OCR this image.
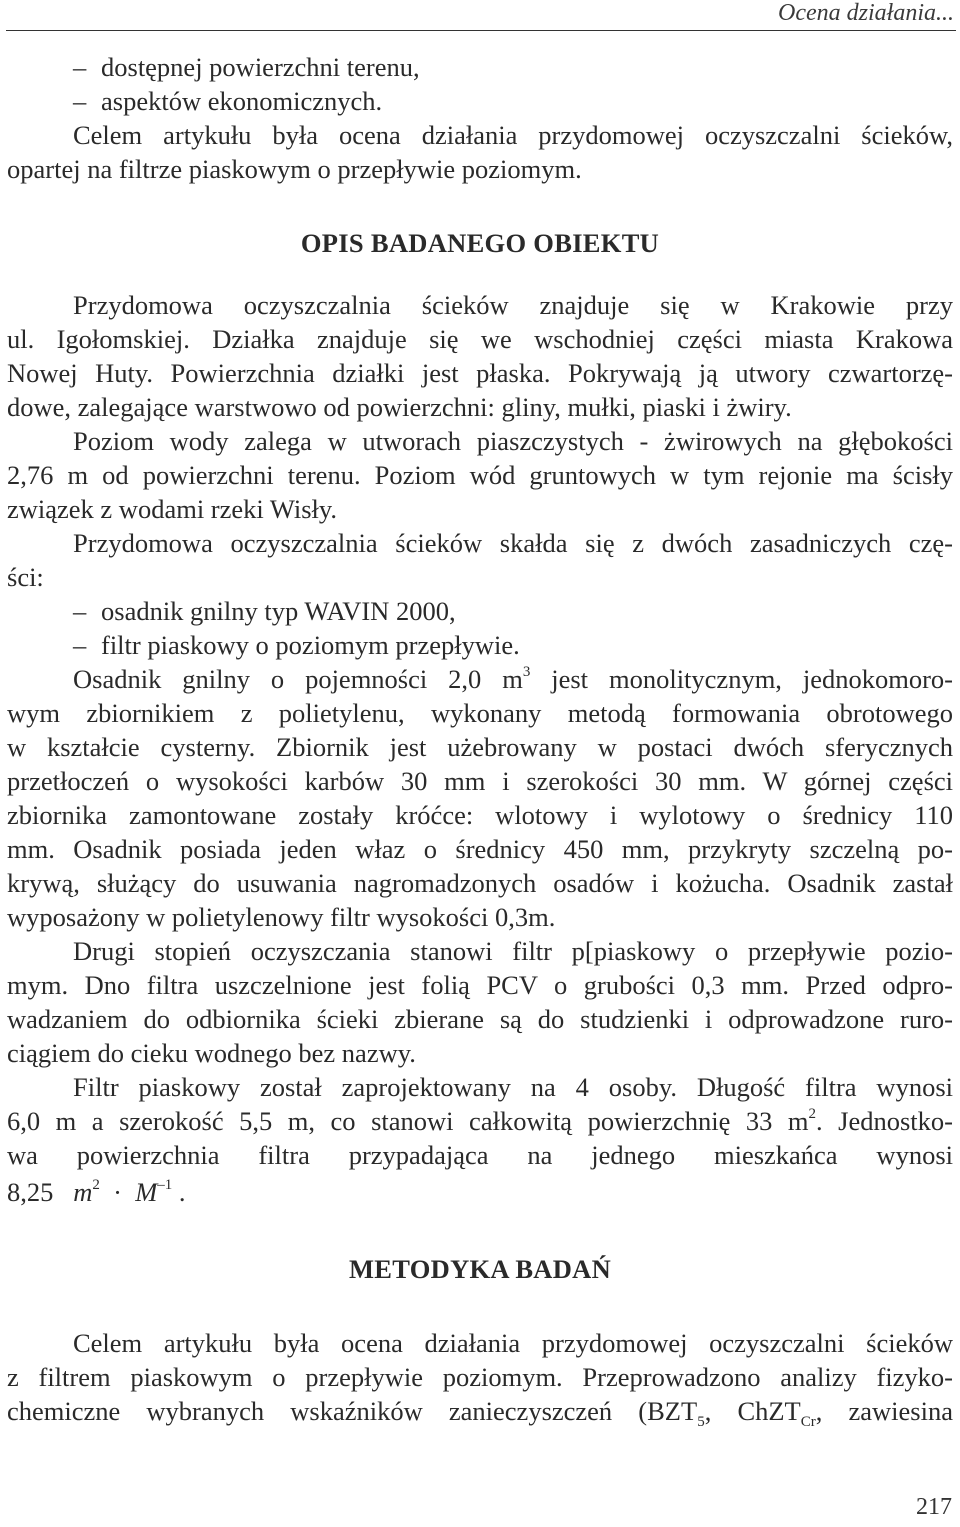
Ocena działania...
– dostępnej powierzchni terenu,
– aspektów ekonomicznych.
Celem artykułu była ocena działania przydomowej oczyszczalni ścieków,
opartej na filtrze piaskowym o przepływie poziomym.
OPIS BADANEGO OBIEKTU
Przydomowa oczyszczalnia ścieków znajduje się w Krakowie przy
ul. Igołomskiej. Działka znajduje się we wschodniej części miasta Krakowa
Nowej Huty. Powierzchnia działki jest płaska. Pokrywają ją utwory czwartorzę-
dowe, zalegające warstwowo od powierzchni: gliny, mułki, piaski i żwiry.
Poziom wody zalega w utworach piaszczystych - żwirowych na głębokości
2,76 m od powierzchni terenu. Poziom wód gruntowych w tym rejonie ma ścisły
związek z wodami rzeki Wisły.
Przydomowa oczyszczalnia ścieków skałda się z dwóch zasadniczych czę-
ści:
– osadnik gnilny typ WAVIN 2000,
– filtr piaskowy o poziomym przepływie.
Osadnik gnilny o pojemności 2,0 $m^3$ jest monolitycznym, jednokomoro-
wym zbiornikiem z polietylenu, wykonany metodą formowania obrotowego
w kształcie cysterny. Zbiornik jest użebrowany w postaci dwóch sferycznych
przetłoczeń o wysokości karbów 30 mm i szerokości 30 mm. W górnej części
zbiornika zamontowane zostały króćce: wlotowy i wylotowy o średnicy 110
mm. Osadnik posiada jeden właz o średnicy 450 mm, przykryty szczelną po-
krywą, służący do usuwania nagromadzonych osadów i kożucha. Osadnik zastał
wyposażony w polietylenowy filtr wysokości 0,3m.
Drugi stopień oczyszczania stanowi filtr p[piaskowy o przepływie pozio-
mym. Dno filtra uszczelnione jest folią PCV o grubości 0,3 mm. Przed odpro-
wadzaniem do odbiornika ścieki zbierane są do studzienki i odprowadzone ruro-
ciągiem do cieku wodnego bez nazwy.
Filtr piaskowy został zaprojektowany na 4 osoby. Długość filtra wynosi
6,0 m a szerokość 5,5 m, co stanowi całkowitą powierzchnię 33 $m^2$. Jednostko-
wa powierzchnia filtra przypadająca na jednego mieszkańca wynosi
8,25 $m^2 \cdot M^{-1}$ .
METODYKA BADAŃ
Celem artykułu była ocena działania przydomowej oczyszczalni ścieków
z filtrem piaskowym o przepływie poziomym. Przeprowadzono analizy fizyko-
chemiczne wybranych wskaźników zanieczyszczeń ($BZT_5$, ChZT$_{Cr}$, zawiesina
217
